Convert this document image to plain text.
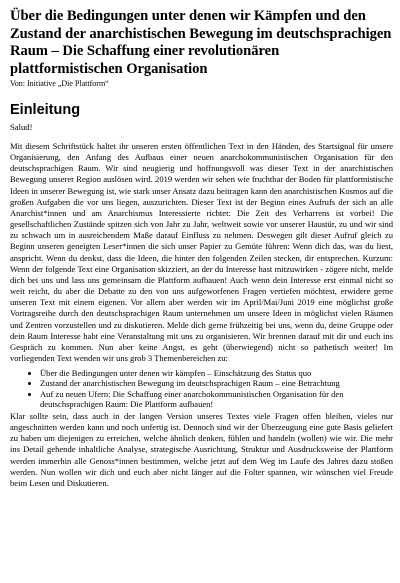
Über die Bedingungen unter denen wir Kämpfen und den Zustand der anarchistischen Bewegung im deutschsprachigen Raum – Die Schaffung einer revolutionären plattformistischen Organisation

Von: Initiative „Die Plattform“

Einleitung

Salud!

Mit diesem Schriftstück haltet ihr unseren ersten öffentlichen Text in den Händen, des Startsignal für unsere Organisierung, den Anfang des Aufbaus einer neuen anarchokommunistischen Organisation für den deutschsprachigen Raum. Wir sind neugierig und hoffnungsvoll was dieser Text in der anarchistischen Bewegung unserer Region auslösen wird. 2019 werden wir sehen wie fruchtbar der Boden für plattformistische Ideen in unserer Bewegung ist, wie stark unser Ansatz dazu beitragen kann den anarchistischen Kosmos auf die großen Aufgaben die vor uns liegen, auszurichten. Dieser Text ist der Beginn eines Aufrufs der sich an alle Anarchist*innen und am Anarchismus Interessierte richtet: Die Zeit des Verharrens ist vorbei! Die gesellschaftlichen Zustände spitzen sich von Jahr zu Jahr, weltweit sowie vor unserer Haustür, zu und wir sind zu schwach um in ausreichendem Maße darauf Einfluss zu nehmen. Deswegen gilt dieser Aufruf gleich zu Beginn unseren geneigten Leser*innen die sich unser Papier zu Gemüte führen: Wenn dich das, was du liest, anspricht. Wenn du denkst, dass die Ideen, die hinter den folgenden Zeilen stecken, dir entsprechen. Kurzum: Wenn der folgende Text eine Organisation skizziert, an der du Interesse hast mitzuwirken - zögere nicht, melde dich bei uns und lass uns gemeinsam die Plattform aufbauen! Auch wenn dein Interesse erst einmal nicht so weit reicht, du aber die Debatte zu den von uns aufgeworfenen Fragen vertiefen möchtest, erwidere gerne unseren Text mit einem eigenen. Vor allem aber werden wir im April/Mai/Juni 2019 eine möglichst große Vortragsreihe durch den deutschsprachigen Raum unternehmen um unsere Ideen in möglichst vielen Räumen und Zentren vorzustellen und zu diskutieren. Melde dich gerne frühzeitig bei uns, wenn du, deine Gruppe oder dein Raum Interesse habt eine Veranstaltung mit uns zu organisieren. Wir brennen darauf mit dir und euch ins Gespräch zu kommen. Nun aber keine Angst, es geht (überwiegend) nicht so pathetisch weiter! Im vorliegenden Text wenden wir uns grob 3 Themenbereichen zu:

• Über die Bedingungen unter denen wir kämpfen – Einschätzung des Status quo
• Zustand der anarchistischen Bewegung im deutschsprachigen Raum – eine Betrachtung
• Auf zu neuen Ufern: Die Schaffung einer anarchokommunistischen Organisation für den deutschsprachigen Raum: Die Plattform aufbauen!

Klar sollte sein, dass auch in der langen Version unseres Textes viele Fragen offen bleiben, vieles nur angeschnitten werden kann und noch unfertig ist. Dennoch sind wir der Überzeugung eine gute Basis geliefert zu haben um diejenigen zu erreichen, welche ähnlich denken, fühlen und handeln (wollen) wie wir. Die mehr ins Detail gehende inhaltliche Analyse, strategische Ausrichtung, Struktur und Ausdrucksweise der Plattform werden immerhin alle Genoss*innen bestimmen, welche jetzt auf dem Weg im Laufe des Jahres dazu stoßen werden. Nun wollen wir dich und euch aber nicht länger auf die Folter spannen, wir wünschen viel Freude beim Lesen und Diskutieren.
